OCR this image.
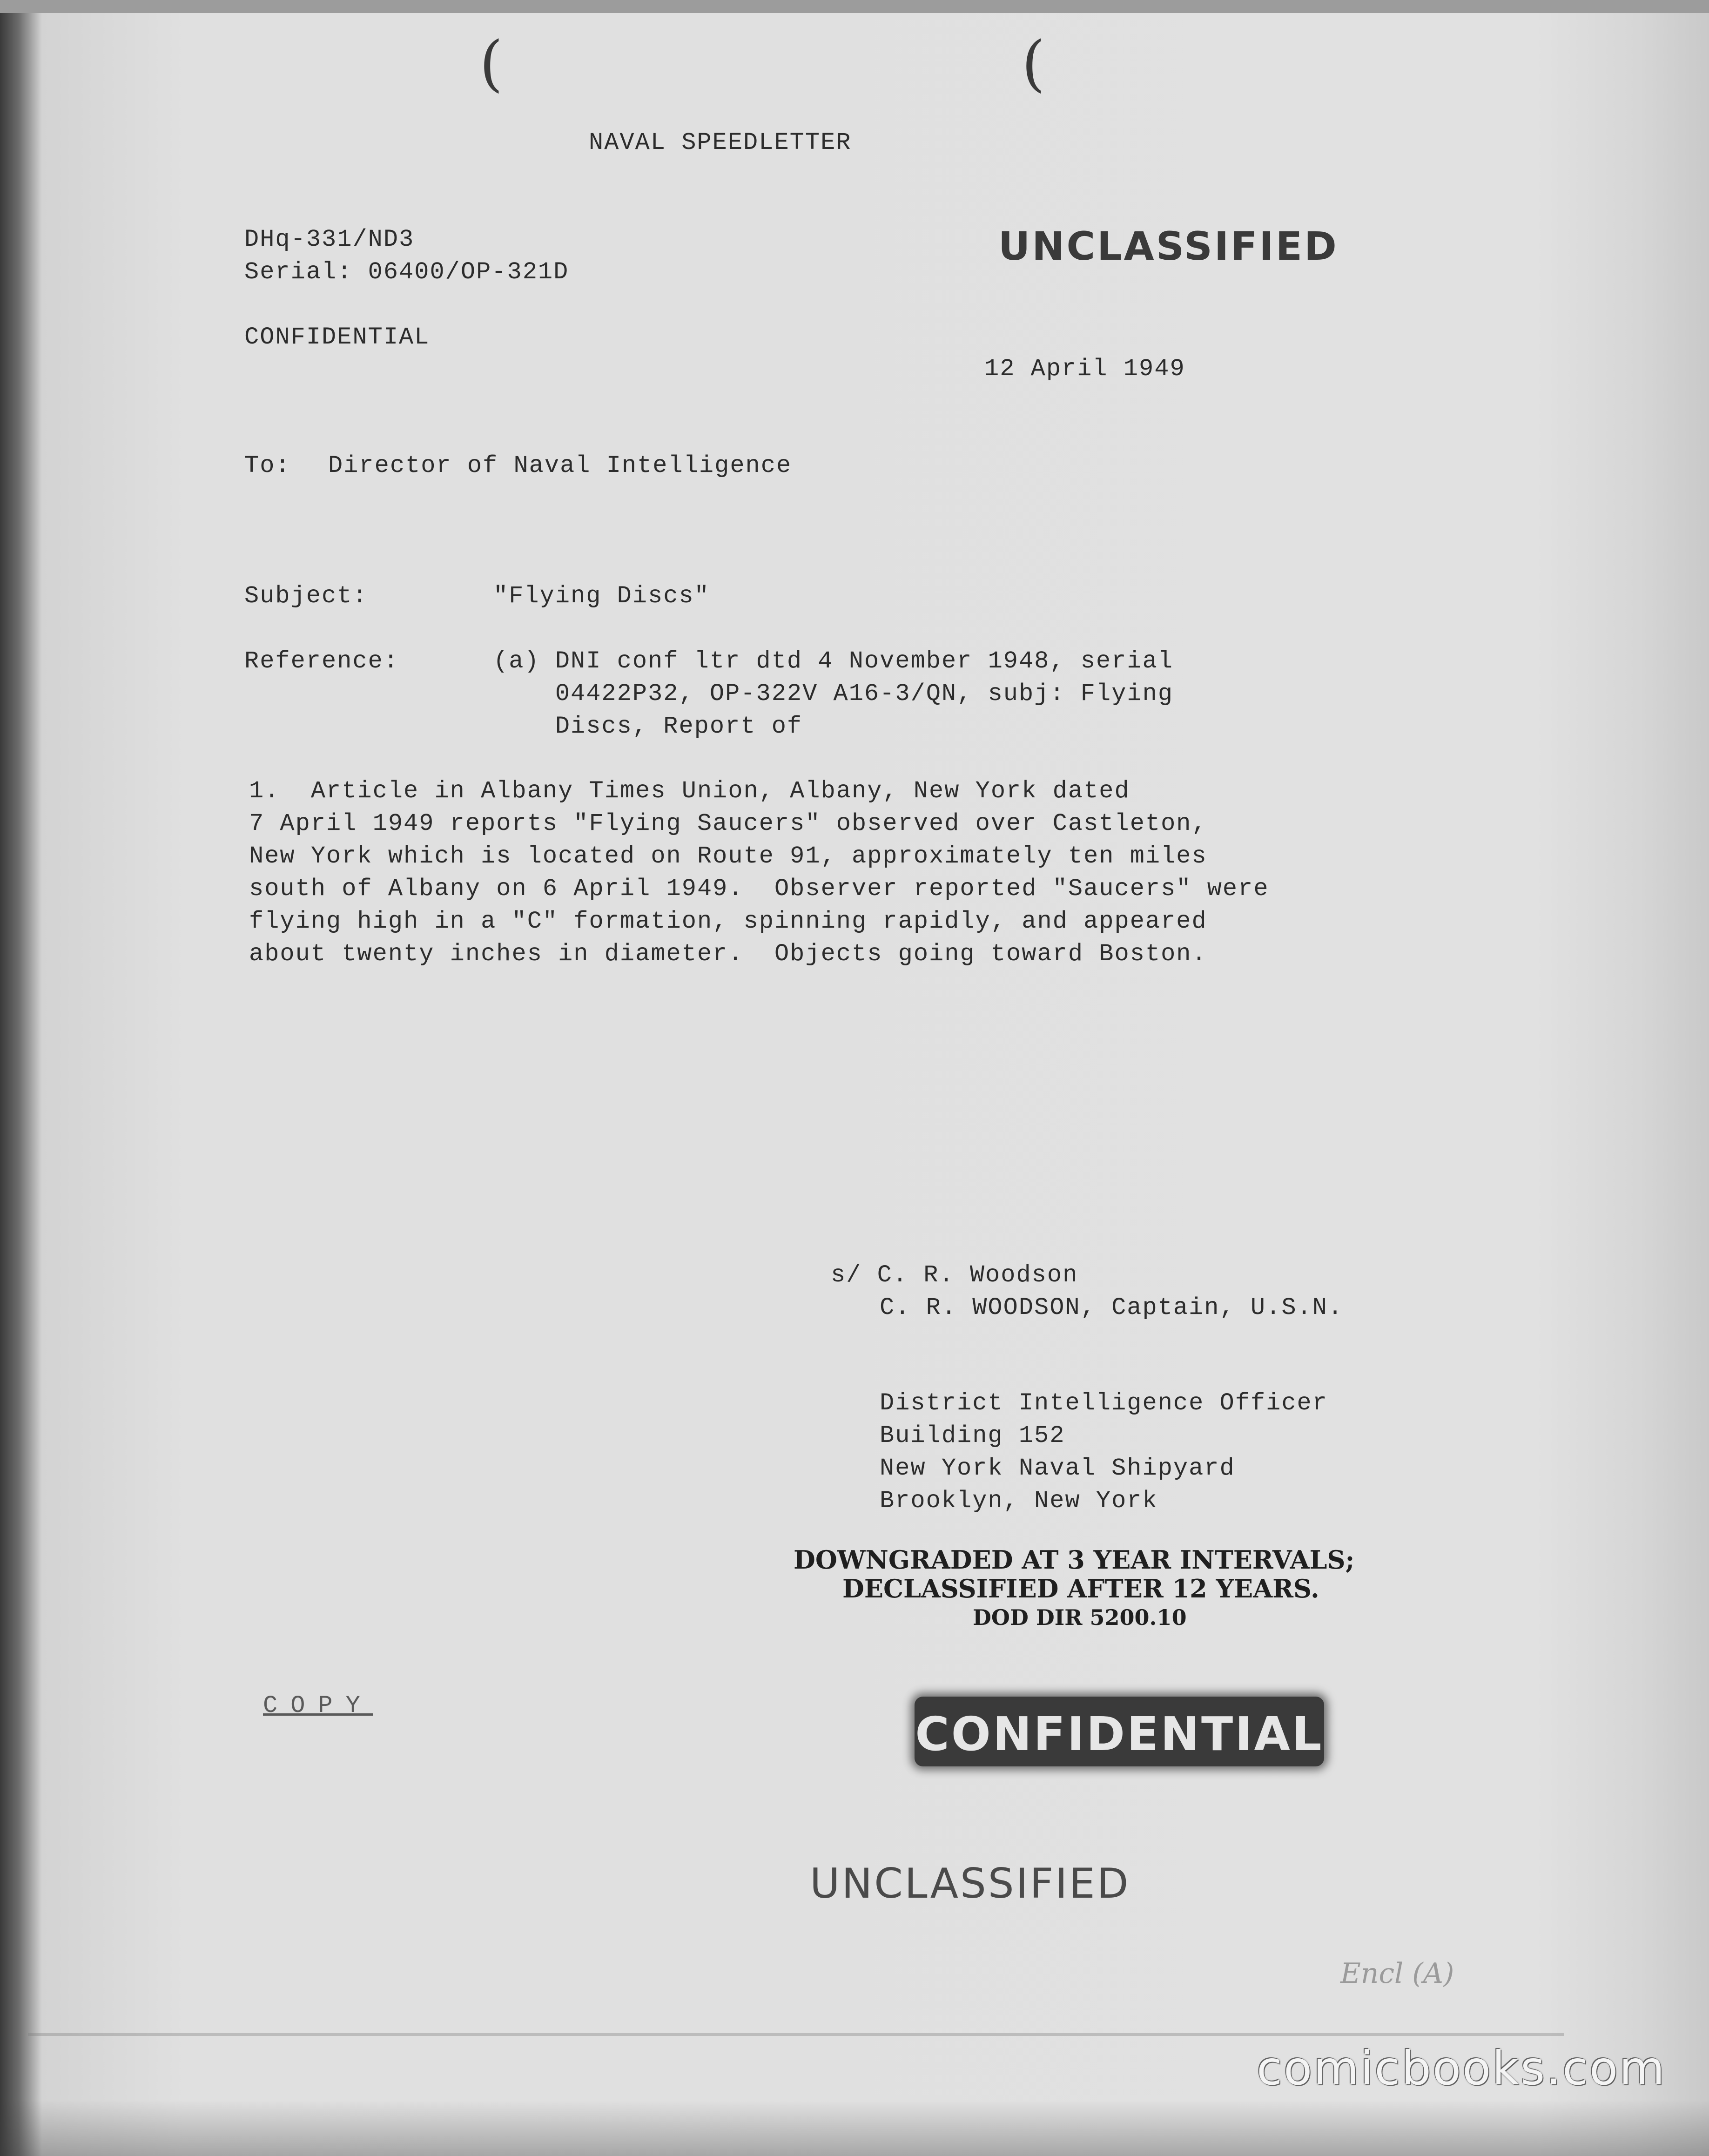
(	(
NAVAL SPEEDLETTER
DHq-331/ND3
Serial: 06400/OP-321D
UNCLASSIFIED
CONFIDENTIAL
12 April 1949
To: Director of Naval Intelligence
Subject:	"Flying Discs"
Reference:	(a) DNI conf ltr dtd 4 November 1948, serial
04422P32, OP-322V A16-3/QN, subj: Flying
Discs, Report of
1.  Article in Albany Times Union, Albany, New York dated
7 April 1949 reports "Flying Saucers" observed over Castleton,
New York which is located on Route 91, approximately ten miles
south of Albany on 6 April 1949.  Observer reported "Saucers" were
flying high in a "C" formation, spinning rapidly, and appeared
about twenty inches in diameter.  Objects going toward Boston.
s/ C. R. Woodson
C. R. WOODSON, Captain, U.S.N.
District Intelligence Officer
Building 152
New York Naval Shipyard
Brooklyn, New York
DOWNGRADED AT 3 YEAR INTERVALS;
DECLASSIFIED AFTER 12 YEARS.
DOD DIR 5200.10
COPY
CONFIDENTIAL
UNCLASSIFIED
Encl (A)
comicbooks.com
